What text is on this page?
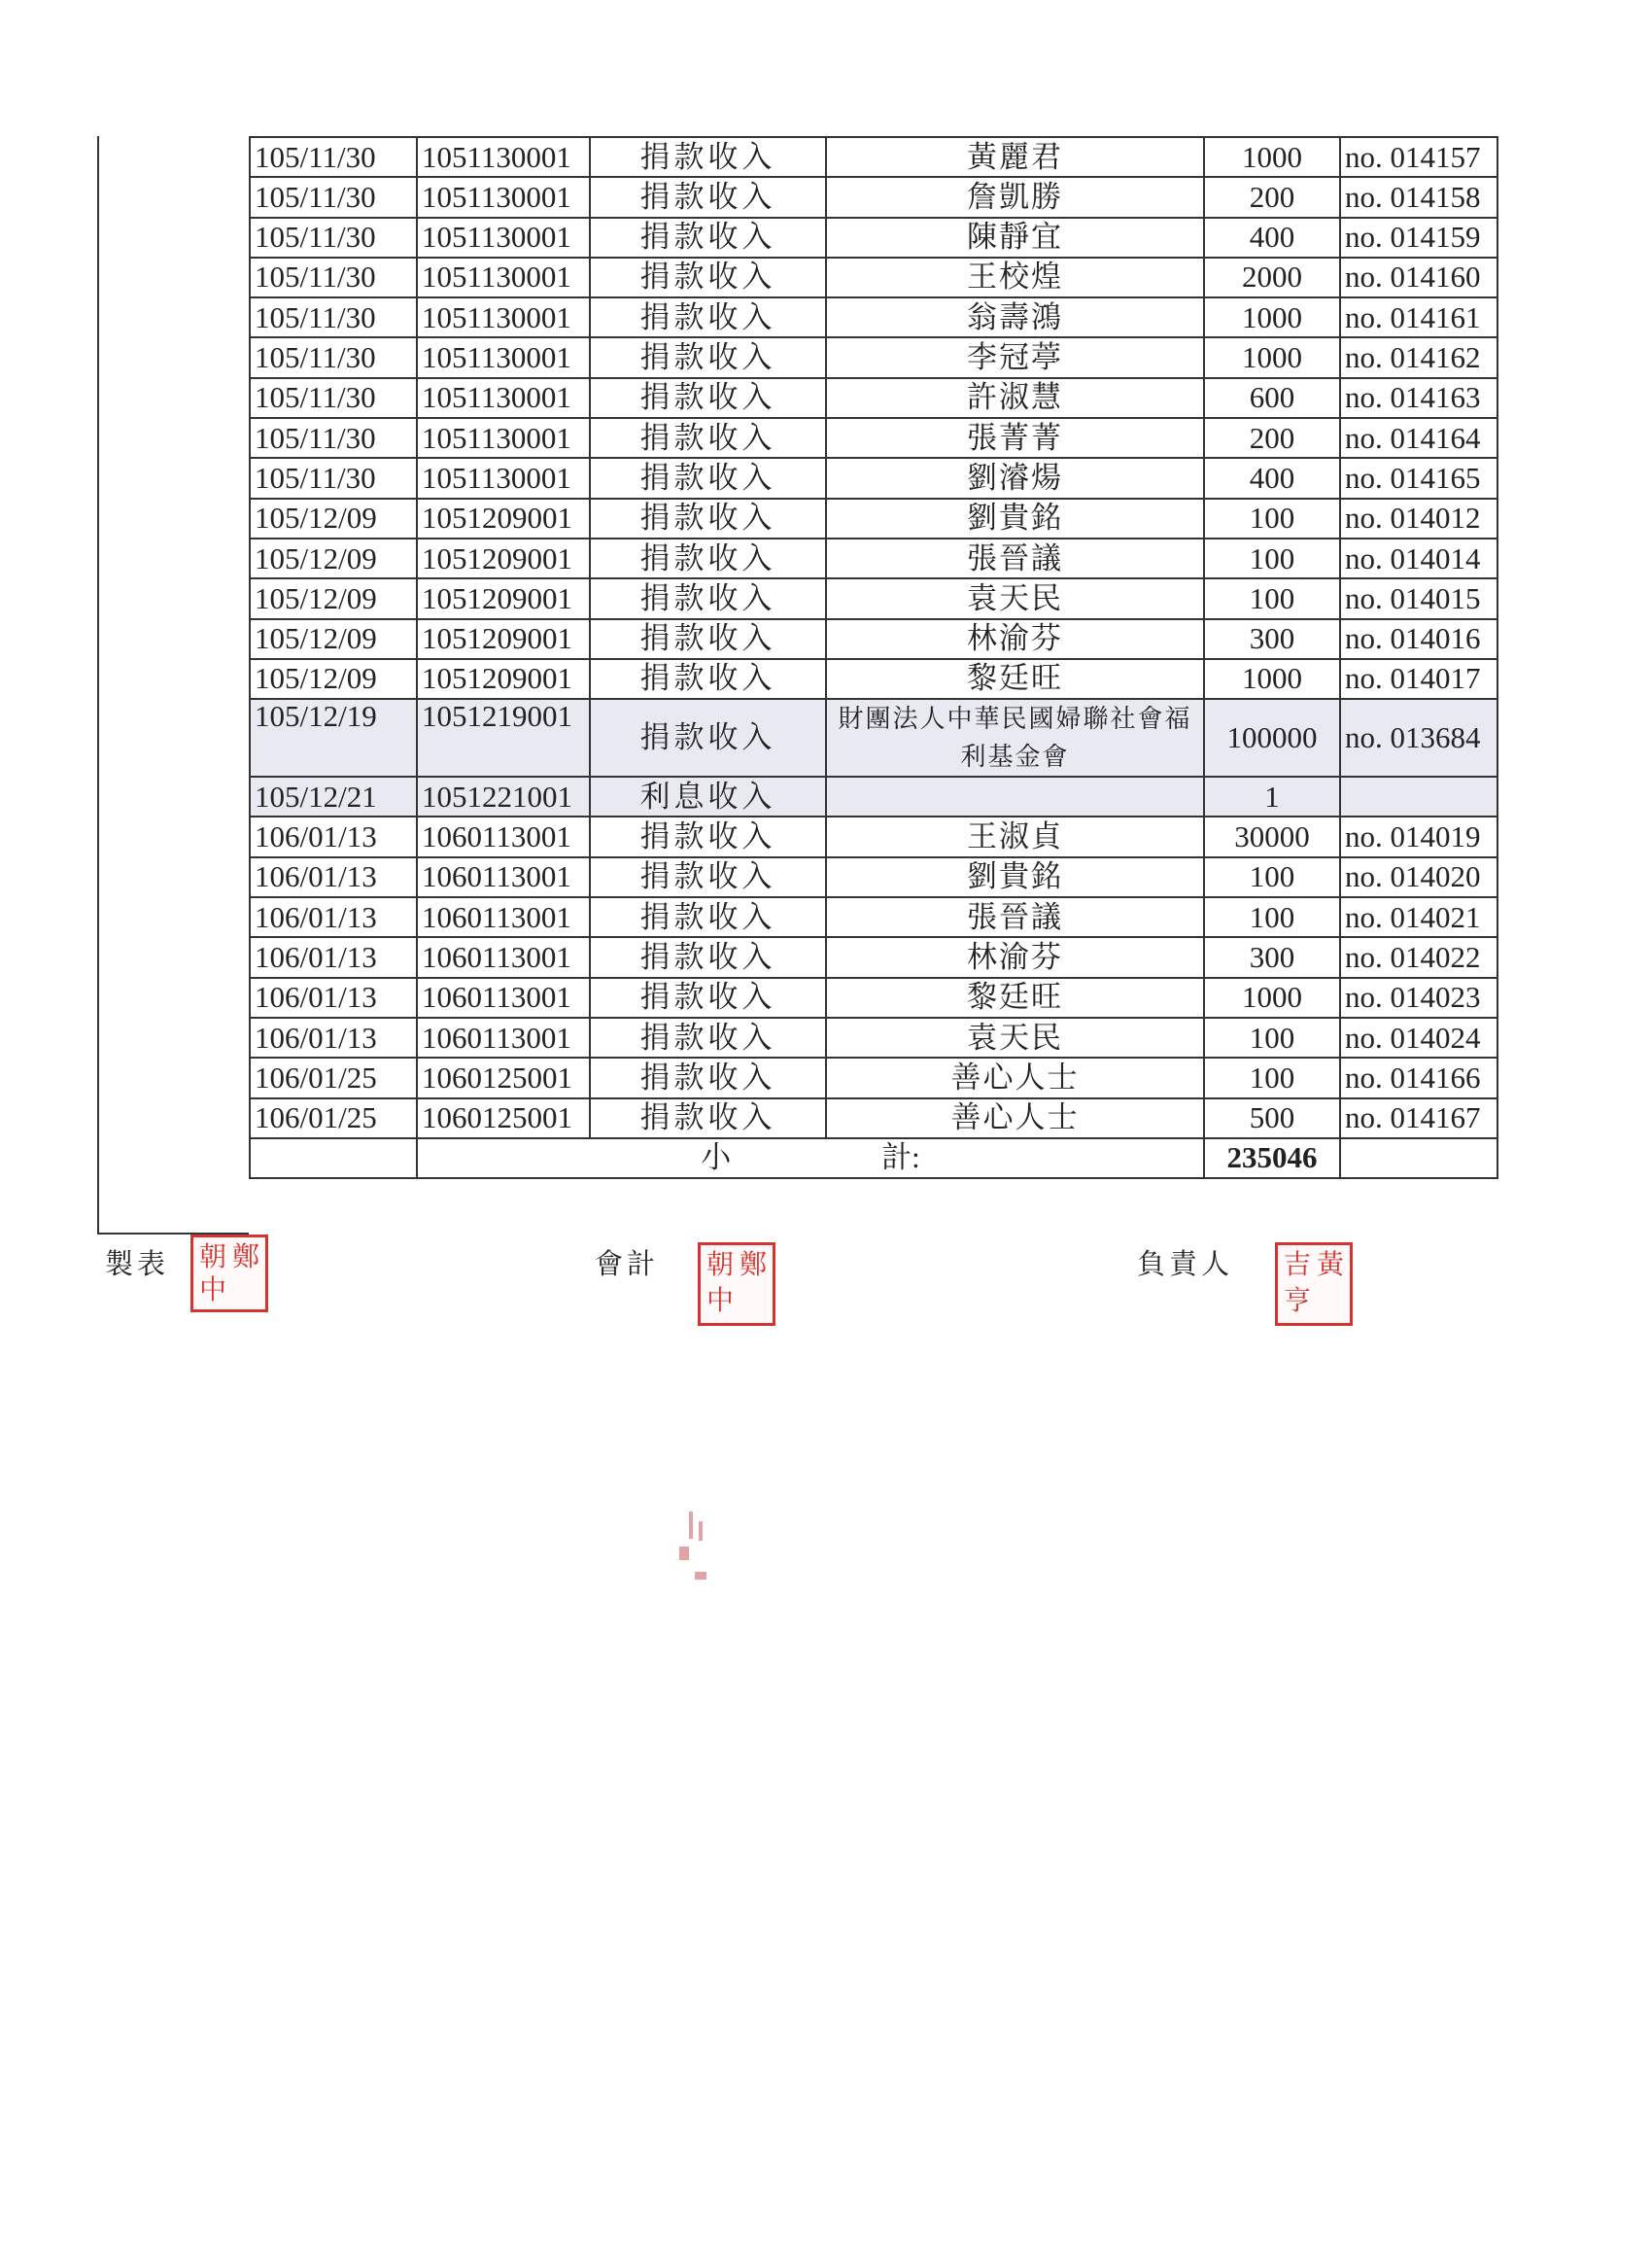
105/11/30	1051130001	捐款收入	黃麗君	1000	no. 014157
105/11/30	1051130001	捐款收入	詹凱勝	200	no. 014158
105/11/30	1051130001	捐款收入	陳靜宜	400	no. 014159
105/11/30	1051130001	捐款收入	王校煌	2000	no. 014160
105/11/30	1051130001	捐款收入	翁壽鴻	1000	no. 014161
105/11/30	1051130001	捐款收入	李冠葶	1000	no. 014162
105/11/30	1051130001	捐款收入	許淑慧	600	no. 014163
105/11/30	1051130001	捐款收入	張菁菁	200	no. 014164
105/11/30	1051130001	捐款收入	劉濬煬	400	no. 014165
105/12/09	1051209001	捐款收入	劉貴銘	100	no. 014012
105/12/09	1051209001	捐款收入	張晉議	100	no. 014014
105/12/09	1051209001	捐款收入	袁天民	100	no. 014015
105/12/09	1051209001	捐款收入	林渝芬	300	no. 014016
105/12/09	1051209001	捐款收入	黎廷旺	1000	no. 014017
105/12/19	1051219001	捐款收入	財團法人中華民國婦聯社會福利基金會	100000	no. 013684
105/12/21	1051221001	利息收入		1	
106/01/13	1060113001	捐款收入	王淑貞	30000	no. 014019
106/01/13	1060113001	捐款收入	劉貴銘	100	no. 014020
106/01/13	1060113001	捐款收入	張晉議	100	no. 014021
106/01/13	1060113001	捐款收入	林渝芬	300	no. 014022
106/01/13	1060113001	捐款收入	黎廷旺	1000	no. 014023
106/01/13	1060113001	捐款收入	袁天民	100	no. 014024
106/01/25	1060125001	捐款收入	善心人士	100	no. 014166
106/01/25	1060125001	捐款收入	善心人士	500	no. 014167
	小　　　　　計:			235046	
製表 朝 鄭
中
會計 朝 鄭
中
負責人 吉 黃
亨
